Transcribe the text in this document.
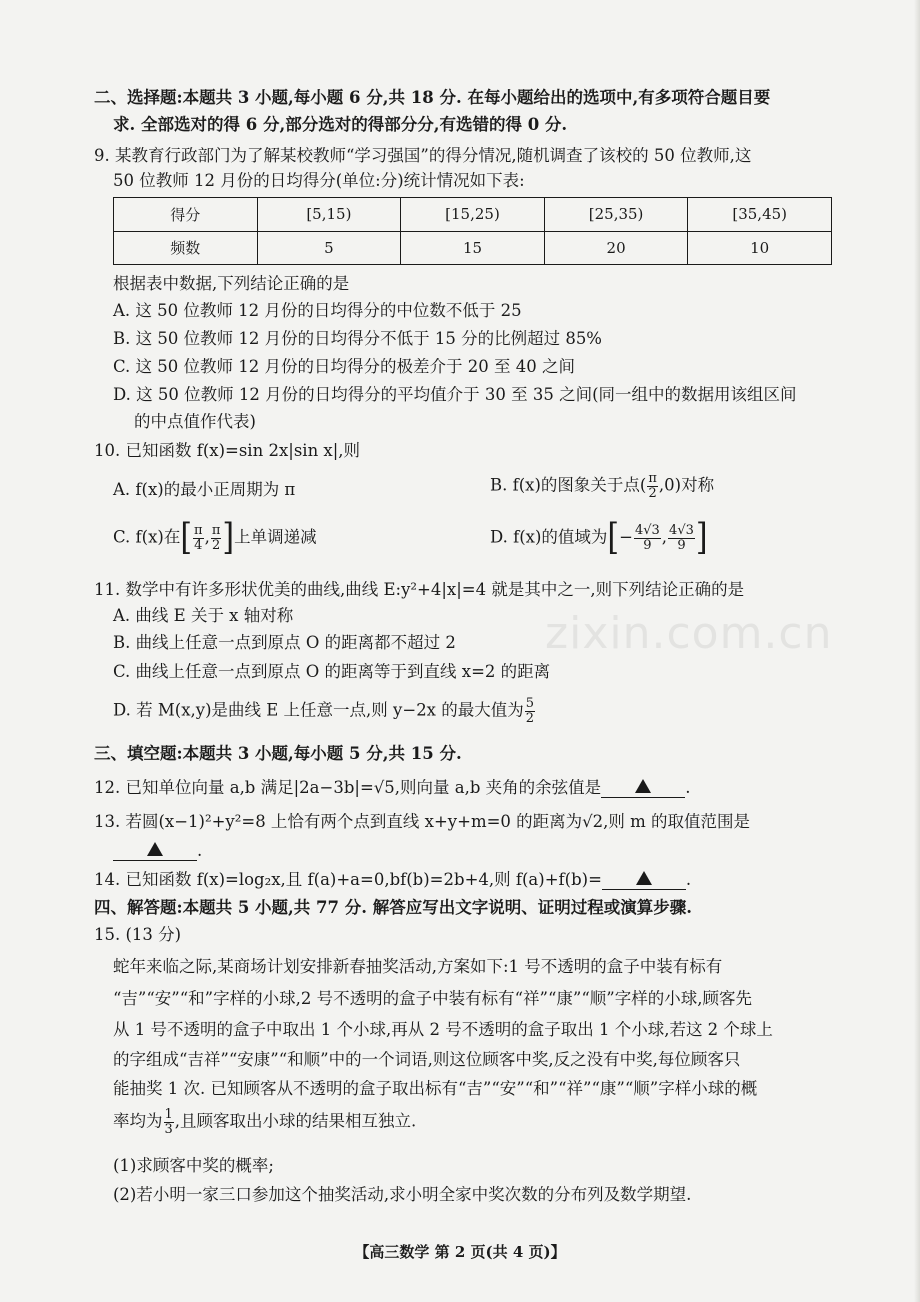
二、选择题:本题共 3 小题,每小题 6 分,共 18 分. 在每小题给出的选项中,有多项符合题目要
求. 全部选对的得 6 分,部分选对的得部分分,有选错的得 0 分.
9. 某教育行政部门为了解某校教师“学习强国”的得分情况,随机调查了该校的 50 位教师,这
50 位教师 12 月份的日均得分(单位:分)统计情况如下表:
得分	[5,15)	[15,25)	[25,35)	[35,45)
频数	5	15	20	10
根据表中数据,下列结论正确的是
A. 这 50 位教师 12 月份的日均得分的中位数不低于 25
B. 这 50 位教师 12 月份的日均得分不低于 15 分的比例超过 85%
C. 这 50 位教师 12 月份的日均得分的极差介于 20 至 40 之间
D. 这 50 位教师 12 月份的日均得分的平均值介于 30 至 35 之间(同一组中的数据用该组区间
的中点值作代表)
10. 已知函数 f(x)=sin 2x|sin x|,则
A. f(x)的最小正周期为 π	B. f(x)的图象关于点( $\frac{\pi}{2} ,0$)对称
C. f(x)在[ $\frac{\pi}{4}$ , $\frac{\pi}{2}$ ]上单调递减	D. f(x)的值域为[− $\frac{4√3}{9}$ , $\frac{4√3}{9}$ ]
11. 数学中有许多形状优美的曲线,曲线 E:y²+4|x|=4 就是其中之一,则下列结论正确的是
A. 曲线 E 关于 x 轴对称
B. 曲线上任意一点到原点 O 的距离都不超过 2
C. 曲线上任意一点到原点 O 的距离等于到直线 x=2 的距离
D. 若 M(x,y)是曲线 E 上任意一点,则 y−2x 的最大值为 $\frac{5}{2}$
三、填空题:本题共 3 小题,每小题 5 分,共 15 分.
12. 已知单位向量 a,b 满足|2a−3b|=√5,则向量 a,b 夹角的余弦值是	.
13. 若圆(x−1)²+y²=8 上恰有两个点到直线 x+y+m=0 的距离为√2,则 m 的取值范围是
.
14. 已知函数 f(x)=log₂x,且 f(a)+a=0,bf(b)=2b+4,则 f(a)+f(b)=	.
四、解答题:本题共 5 小题,共 77 分. 解答应写出文字说明、证明过程或演算步骤.
15. (13 分)
蛇年来临之际,某商场计划安排新春抽奖活动,方案如下:1 号不透明的盒子中装有标有
“吉”“安”“和”字样的小球,2 号不透明的盒子中装有标有“祥”“康”“顺”字样的小球,顾客先
从 1 号不透明的盒子中取出 1 个小球,再从 2 号不透明的盒子取出 1 个小球,若这 2 个球上
的字组成“吉祥”“安康”“和顺”中的一个词语,则这位顾客中奖,反之没有中奖,每位顾客只
能抽奖 1 次. 已知顾客从不透明的盒子取出标有“吉”“安”“和”“祥”“康”“顺”字样小球的概
率均为 $\frac{1}{3}$ ,且顾客取出小球的结果相互独立.
(1)求顾客中奖的概率;
(2)若小明一家三口参加这个抽奖活动,求小明全家中奖次数的分布列及数学期望.
zixin.com.cn
【高三数学 第 2 页(共 4 页)】
